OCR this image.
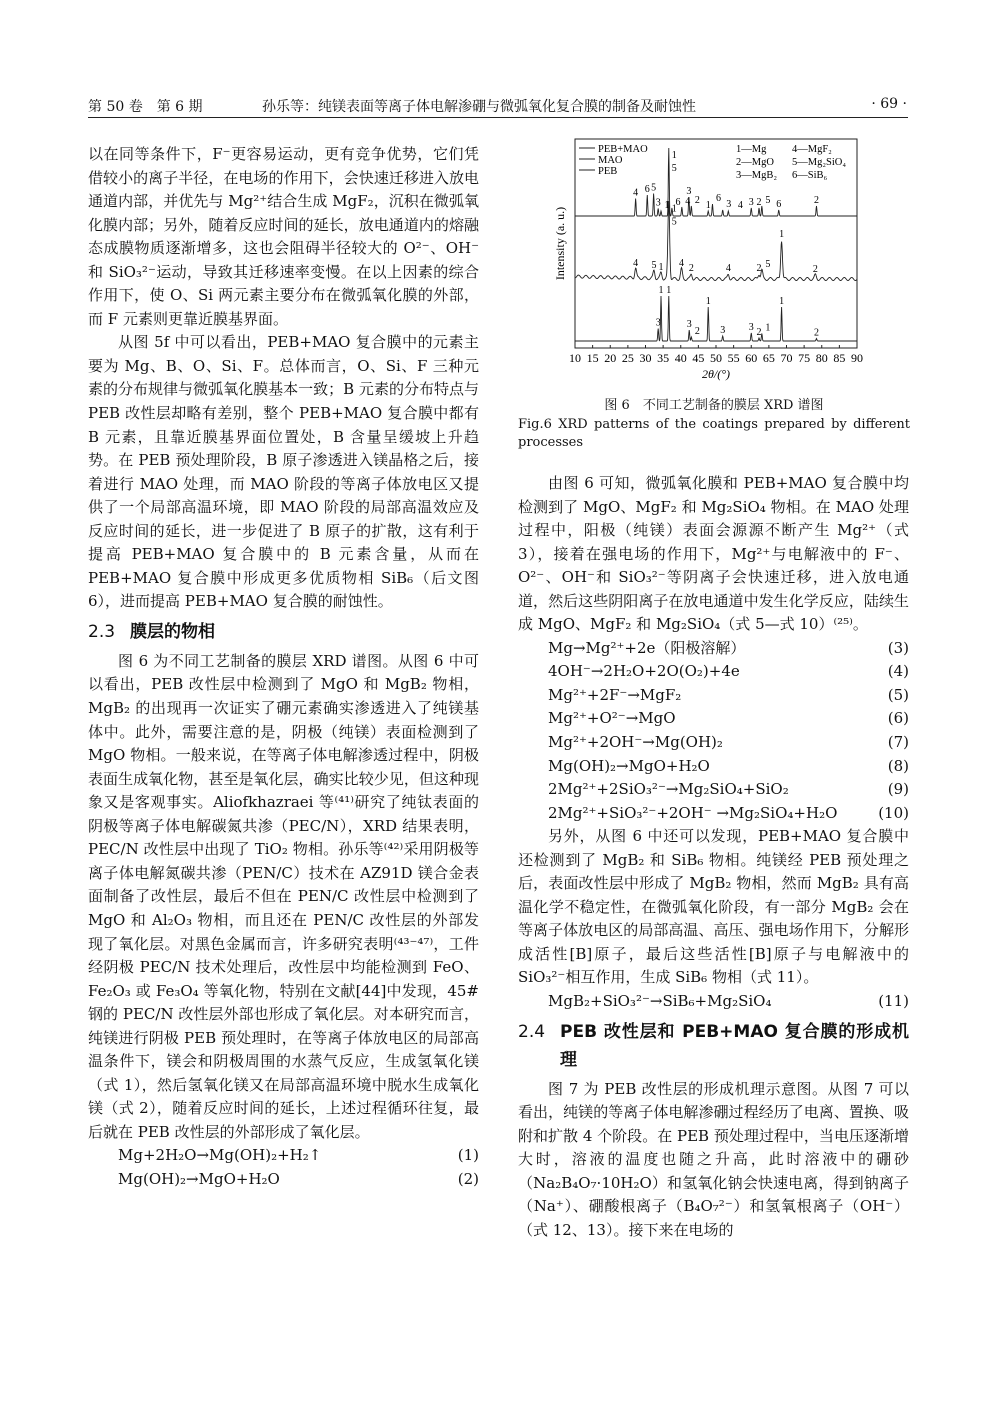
第 50 卷　第 6 期	孙乐等：纯镁表面等离子体电解渗硼与微弧氧化复合膜的制备及耐蚀性	· 69 ·

以在同等条件下，F⁻更容易运动，更有竞争优势，它们凭借较小的离子半径，在电场的作用下，会快速迁移进入放电通道内部，并优先与 Mg²⁺结合生成 MgF₂，沉积在微弧氧化膜内部；另外，随着反应时间的延长，放电通道内的熔融态成膜物质逐渐增多，这也会阻碍半径较大的 O²⁻、OH⁻和 SiO₃²⁻运动，导致其迁移速率变慢。在以上因素的综合作用下，使 O、Si 两元素主要分布在微弧氧化膜的外部，而 F 元素则更靠近膜基界面。

从图 5f 中可以看出，PEB+MAO 复合膜中的元素主要为 Mg、B、O、Si、F。总体而言，O、Si、F 三种元素的分布规律与微弧氧化膜基本一致；B 元素的分布特点与 PEB 改性层却略有差别，整个 PEB+MAO 复合膜中都有 B 元素，且靠近膜基界面位置处，B 含量呈缓坡上升趋势。在 PEB 预处理阶段，B 原子渗透进入镁晶格之后，接着进行 MAO 处理，而 MAO 阶段的等离子体放电区又提供了一个局部高温环境，即 MAO 阶段的局部高温效应及反应时间的延长，进一步促进了 B 原子的扩散，这有利于提高 PEB+MAO 复合膜中的 B 元素含量，从而在 PEB+MAO 复合膜中形成更多优质物相 SiB₆（后文图 6），进而提高 PEB+MAO 复合膜的耐蚀性。

2.3 膜层的物相

图 6 为不同工艺制备的膜层 XRD 谱图。从图 6 中可以看出，PEB 改性层中检测到了 MgO 和 MgB₂ 物相，MgB₂ 的出现再一次证实了硼元素确实渗透进入了纯镁基体中。此外，需要注意的是，阴极（纯镁）表面检测到了 MgO 物相。一般来说，在等离子体电解渗透过程中，阴极表面生成氧化物，甚至是氧化层，确实比较少见，但这种现象又是客观事实。Aliofkhazraei 等⁽⁴¹⁾研究了纯钛表面的阴极等离子体电解碳氮共渗（PEC/N），XRD 结果表明，PEC/N 改性层中出现了 TiO₂ 物相。孙乐等⁽⁴²⁾采用阴极等离子体电解氮碳共渗（PEN/C）技术在 AZ91D 镁合金表面制备了改性层，最后不但在 PEN/C 改性层中检测到了 MgO 和 Al₂O₃ 物相，而且还在 PEN/C 改性层的外部发现了氧化层。对黑色金属而言，许多研究表明⁽⁴³⁻⁴⁷⁾，工件经阴极 PEC/N 技术处理后，改性层中均能检测到 FeO、Fe₂O₃ 或 Fe₃O₄ 等氧化物，特别在文献[44]中发现，45#钢的 PEC/N 改性层外部也形成了氧化层。对本研究而言，纯镁进行阴极 PEB 预处理时，在等离子体放电区的局部高温条件下，镁会和阴极周围的水蒸气反应，生成氢氧化镁（式 1），然后氢氧化镁又在局部高温环境中脱水生成氧化镁（式 2），随着反应时间的延长，上述过程循环往复，最后就在 PEB 改性层的外部形成了氧化层。

Mg+2H₂O→Mg(OH)₂+H₂↑	(1)
Mg(OH)₂→MgO+H₂O	(2)
10 15 20 25 30 35 40 45 50 55 60 65 70 75 80 85 90
2θ/(°)
Intensity (a. u.)
PEB+MAO
MAO
PEB
1—Mg
2—MgO
3—MgB₂
4—MgF₂
5—Mg₂SiO₄
6—SiB₆
4 6 5
3 1
1
5
6 4
3
2 1
6
3 4 3 2 5 6	2
4 5 1
1
5
4 2	4	2 5
1
2
3
1 1
3
2
1
3 3 2 1
1
2
图 6　不同工艺制备的膜层 XRD 谱图
Fig.6 XRD patterns of the coatings prepared by different processes

由图 6 可知，微弧氧化膜和 PEB+MAO 复合膜中均检测到了 MgO、MgF₂ 和 Mg₂SiO₄ 物相。在 MAO 处理过程中，阳极（纯镁）表面会源源不断产生 Mg²⁺（式 3），接着在强电场的作用下，Mg²⁺与电解液中的 F⁻、O²⁻、OH⁻和 SiO₃²⁻等阴离子会快速迁移，进入放电通道，然后这些阴阳离子在放电通道中发生化学反应，陆续生成 MgO、MgF₂ 和 Mg₂SiO₄（式 5—式 10）⁽²⁵⁾。

Mg→Mg²⁺+2e（阳极溶解）	(3)
4OH⁻→2H₂O+2O(O₂)+4e	(4)
Mg²⁺+2F⁻→MgF₂	(5)
Mg²⁺+O²⁻→MgO	(6)
Mg²⁺+2OH⁻→Mg(OH)₂	(7)
Mg(OH)₂→MgO+H₂O	(8)
2Mg²⁺+2SiO₃²⁻→Mg₂SiO₄+SiO₂	(9)
2Mg²⁺+SiO₃²⁻+2OH⁻ →Mg₂SiO₄+H₂O	(10)

另外，从图 6 中还可以发现，PEB+MAO 复合膜中还检测到了 MgB₂ 和 SiB₆ 物相。纯镁经 PEB 预处理之后，表面改性层中形成了 MgB₂ 物相，然而 MgB₂ 具有高温化学不稳定性，在微弧氧化阶段，有一部分 MgB₂ 会在等离子体放电区的局部高温、高压、强电场作用下，分解形成活性[B]原子，最后这些活性[B]原子与电解液中的 SiO₃²⁻相互作用，生成 SiB₆ 物相（式 11）。

MgB₂+SiO₃²⁻→SiB₆+Mg₂SiO₄	(11)
2.4 PEB 改性层和 PEB+MAO 复合膜的形成机理

图 7 为 PEB 改性层的形成机理示意图。从图 7 可以看出，纯镁的等离子体电解渗硼过程经历了电离、置换、吸附和扩散 4 个阶段。在 PEB 预处理过程中，当电压逐渐增大时，溶液的温度也随之升高，此时溶液中的硼砂（Na₂B₄O₇·10H₂O）和氢氧化钠会快速电离，得到钠离子（Na⁺）、硼酸根离子（B₄O₇²⁻）和氢氧根离子（OH⁻）（式 12、13）。接下来在电场的
